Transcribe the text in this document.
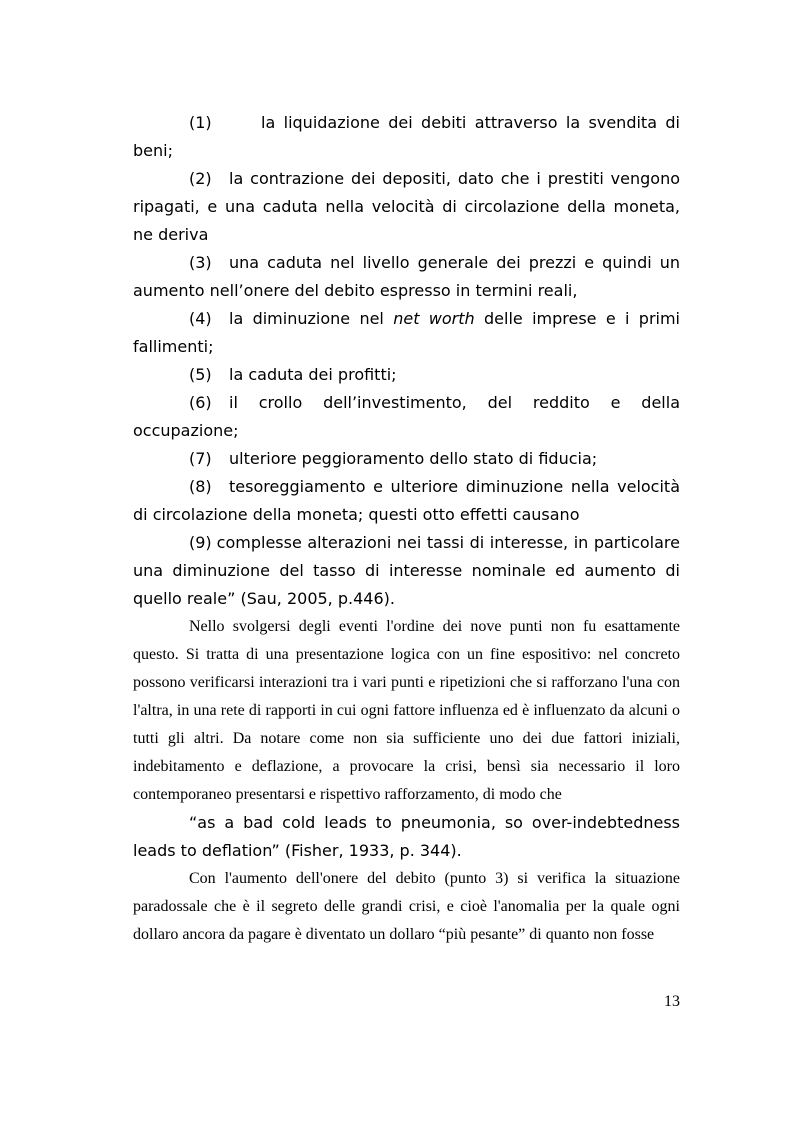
(1)	la liquidazione dei debiti attraverso la svendita di beni;

(2) la contrazione dei depositi, dato che i prestiti vengono ripagati, e una caduta nella velocità di circolazione della moneta, ne deriva

(3) una caduta nel livello generale dei prezzi e quindi un aumento nell’onere del debito espresso in termini reali,

(4) la diminuzione nel net worth delle imprese e i primi fallimenti;

(5) la caduta dei profitti;

(6) il crollo dell’investimento, del reddito e della occupazione;

(7) ulteriore peggioramento dello stato di fiducia;

(8) tesoreggiamento e ulteriore diminuzione nella velocità di circolazione della moneta; questi otto effetti causano

(9) complesse alterazioni nei tassi di interesse, in particolare una diminuzione del tasso di interesse nominale ed aumento di quello reale” (Sau, 2005, p.446).

Nello svolgersi degli eventi l'ordine dei nove punti non fu esattamente questo. Si tratta di una presentazione logica con un fine espositivo: nel concreto possono verificarsi interazioni tra i vari punti e ripetizioni che si rafforzano l'una con l'altra, in una rete di rapporti in cui ogni fattore influenza ed è influenzato da alcuni o tutti gli altri. Da notare come non sia sufficiente uno dei due fattori iniziali, indebitamento e deflazione, a provocare la crisi, bensì sia necessario il loro contemporaneo presentarsi e rispettivo rafforzamento, di modo che

“as a bad cold leads to pneumonia, so over-indebtedness leads to deflation” (Fisher, 1933, p. 344).

Con l'aumento dell'onere del debito (punto 3) si verifica la situazione paradossale che è il segreto delle grandi crisi, e cioè l'anomalia per la quale ogni dollaro ancora da pagare è diventato un dollaro “più pesante” di quanto non fosse

13
